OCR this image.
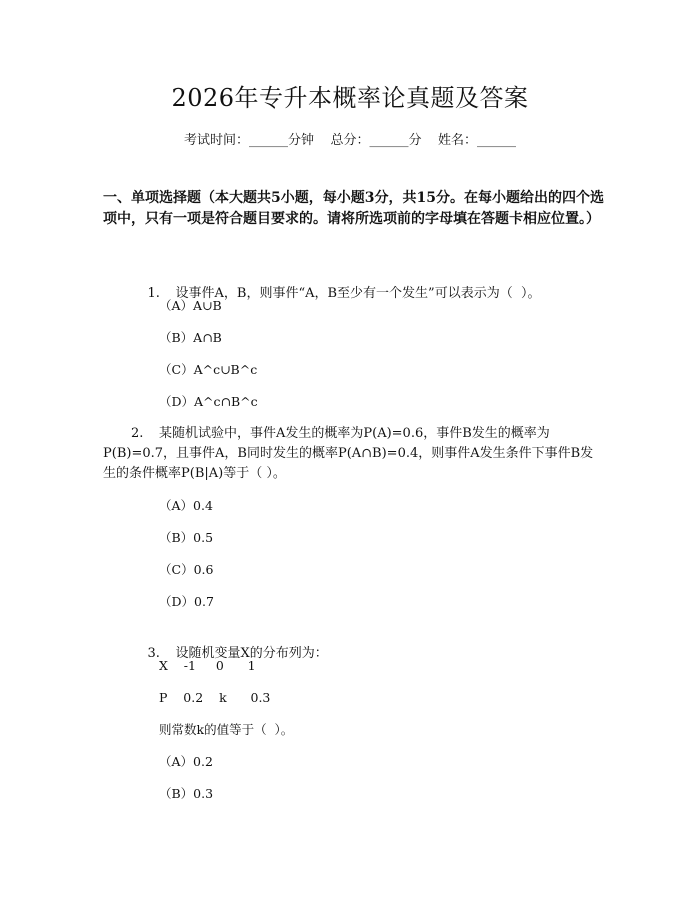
2026年专升本概率论真题及答案
考试时间：______分钟    总分：______分    姓名：______
一、单项选择题（本大题共5小题，每小题3分，共15分。在每小题给出的四个选项中，只有一项是符合题目要求的。请将所选项前的字母填在答题卡相应位置。）

1. 设事件A，B，则事件“A，B至少有一个发生”可以表示为（  ）。

（A）A∪B
（B）A∩B
（C）A^c∪B^c
（D）A^c∩B^c
2. 某随机试验中，事件A发生的概率为P(A)=0.6，事件B发生的概率为
P(B)=0.7，且事件A，B同时发生的概率P(A∩B)=0.4，则事件A发生条件下事件B发生的条件概率P(B|A)等于（ ）。
（A）0.4
（B）0.5
（C）0.6
（D）0.7

3. 设随机变量X的分布列为：

X    -1     0      1
P    0.2    k      0.3
则常数k的值等于（  ）。
（A）0.2
（B）0.3
